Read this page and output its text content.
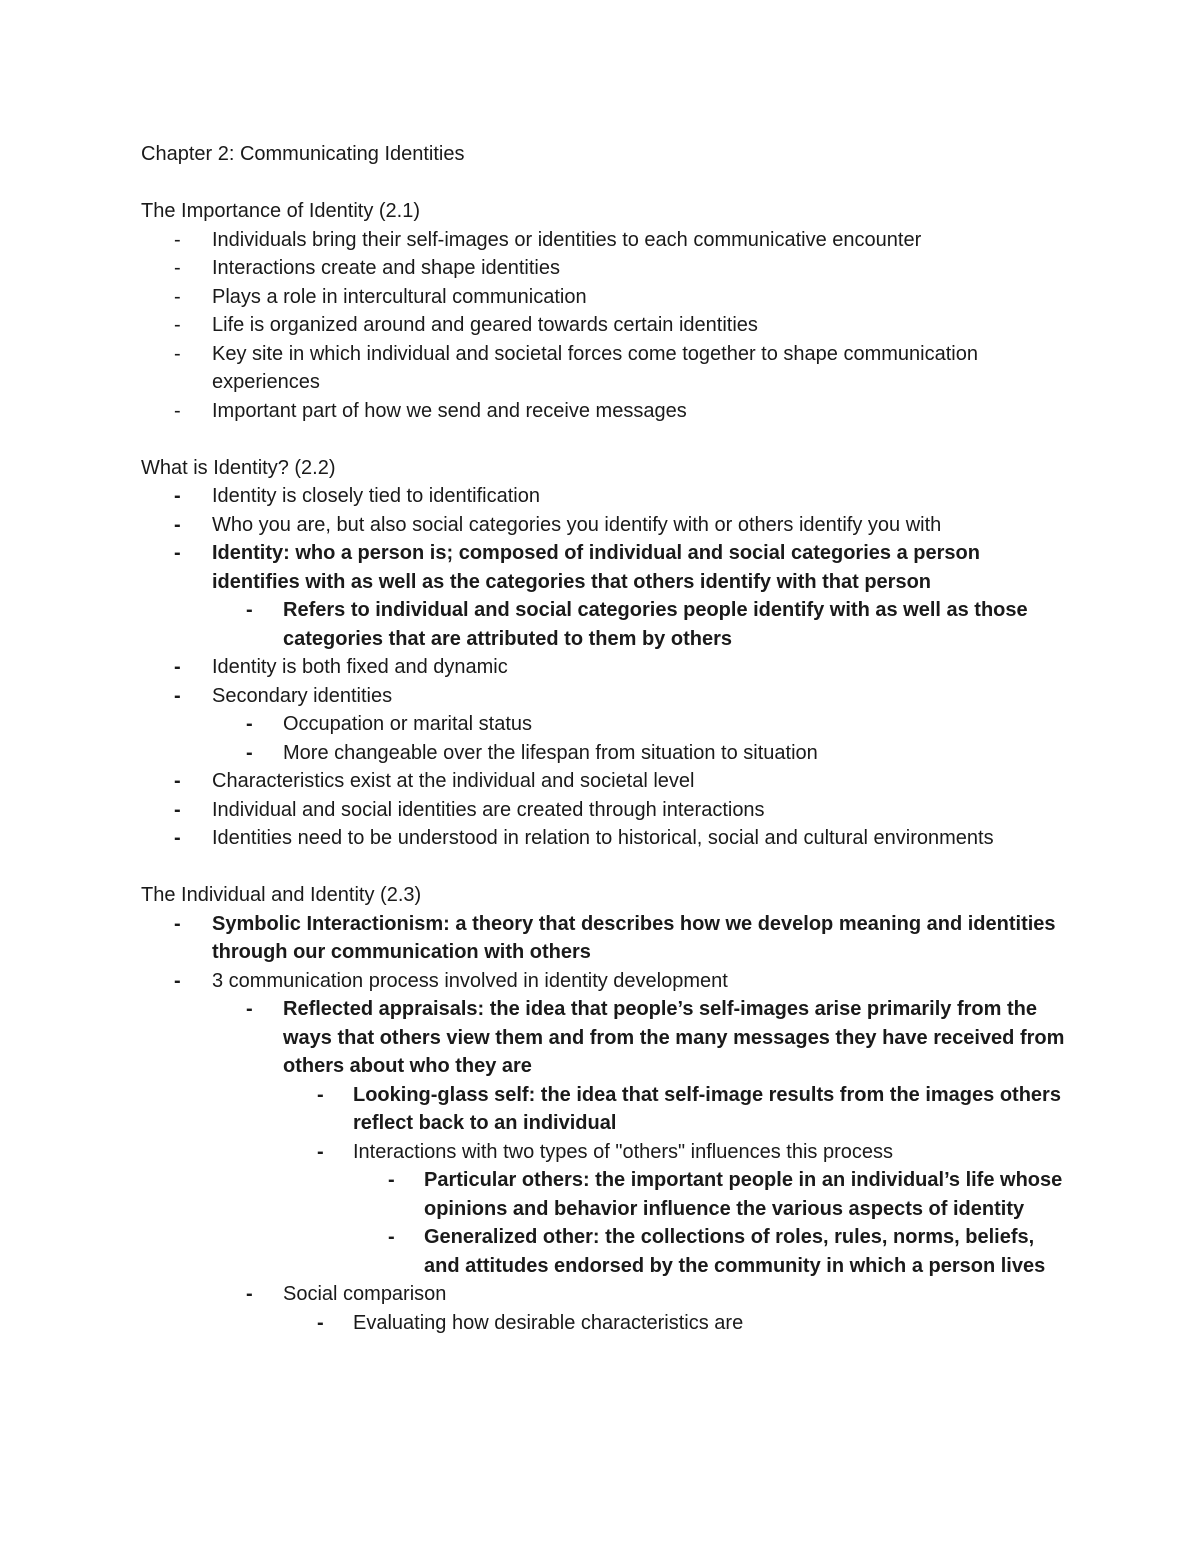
Chapter 2: Communicating Identities

The Importance of Identity (2.1)

- Individuals bring their self-images or identities to each communicative encounter
- Interactions create and shape identities
- Plays a role in intercultural communication
- Life is organized around and geared towards certain identities
- Key site in which individual and societal forces come together to shape communication experiences
- Important part of how we send and receive messages

What is Identity? (2.2)

- Identity is closely tied to identification
- Who you are, but also social categories you identify with or others identify you with
- Identity: who a person is; composed of individual and social categories a person identifies with as well as the categories that others identify with that person
- Refers to individual and social categories people identify with as well as those categories that are attributed to them by others
- Identity is both fixed and dynamic
- Secondary identities
- Occupation or marital status
- More changeable over the lifespan from situation to situation
- Characteristics exist at the individual and societal level
- Individual and social identities are created through interactions
- Identities need to be understood in relation to historical, social and cultural environments

The Individual and Identity (2.3)

- Symbolic Interactionism: a theory that describes how we develop meaning and identities through our communication with others
- 3 communication process involved in identity development
- Reflected appraisals: the idea that people’s self-images arise primarily from the ways that others view them and from the many messages they have received from others about who they are
- Looking-glass self: the idea that self-image results from the images others reflect back to an individual
- Interactions with two types of "others" influences this process
- Particular others: the important people in an individual’s life whose opinions and behavior influence the various aspects of identity
- Generalized other: the collections of roles, rules, norms, beliefs, and attitudes endorsed by the community in which a person lives
- Social comparison
- Evaluating how desirable characteristics are
